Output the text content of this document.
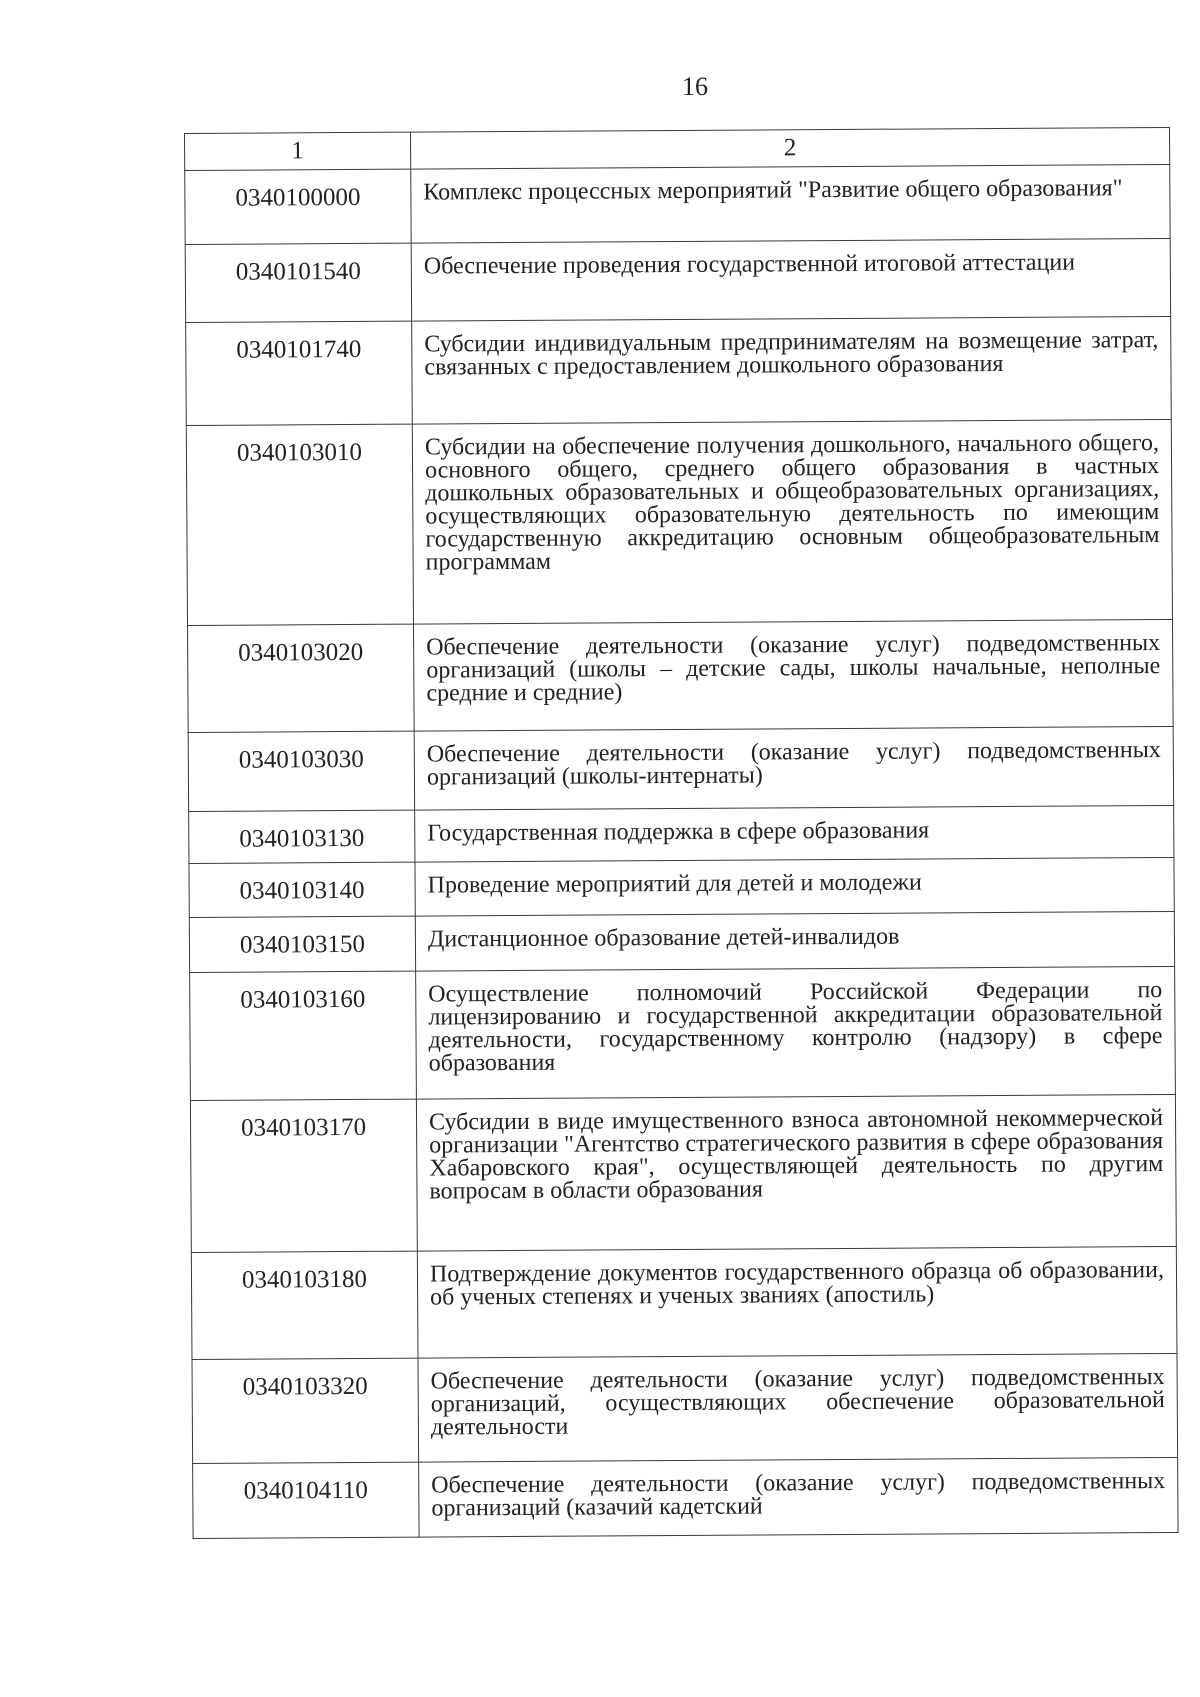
16
1	2
0340100000	Комплекс процессных мероприятий "Развитие общего образования"
0340101540	Обеспечение проведения государственной итоговой аттестации
0340101740	Субсидии индивидуальным предпринимателям на возмещение затрат, связанных с предоставлением дошкольного образования
0340103010	Субсидии на обеспечение получения дошкольного, начального общего, основного общего, среднего общего образования в частных дошкольных образовательных и общеобразовательных организациях, осуществляющих образовательную деятельность по имеющим государственную аккредитацию основным общеобразовательным программам
0340103020	Обеспечение деятельности (оказание услуг) подведомственных организаций (школы – детские сады, школы начальные, неполные средние и средние)
0340103030	Обеспечение деятельности (оказание услуг) подведомственных организаций (школы-интернаты)
0340103130	Государственная поддержка в сфере образования
0340103140	Проведение мероприятий для детей и молодежи
0340103150	Дистанционное образование детей-инвалидов
0340103160	Осуществление полномочий Российской Федерации по лицензированию и государственной аккредитации образовательной деятельности, государственному контролю (надзору) в сфере образования
0340103170	Субсидии в виде имущественного взноса автономной некоммерческой организации "Агентство стратегического развития в сфере образования Хабаровского края", осуществляющей деятельность по другим вопросам в области образования
0340103180	Подтверждение документов государственного образца об образовании, об ученых степенях и ученых званиях (апостиль)
0340103320	Обеспечение деятельности (оказание услуг) подведомственных организаций, осуществляющих обеспечение образовательной деятельности
0340104110	Обеспечение деятельности (оказание услуг) подведомственных организаций (казачий кадетский
